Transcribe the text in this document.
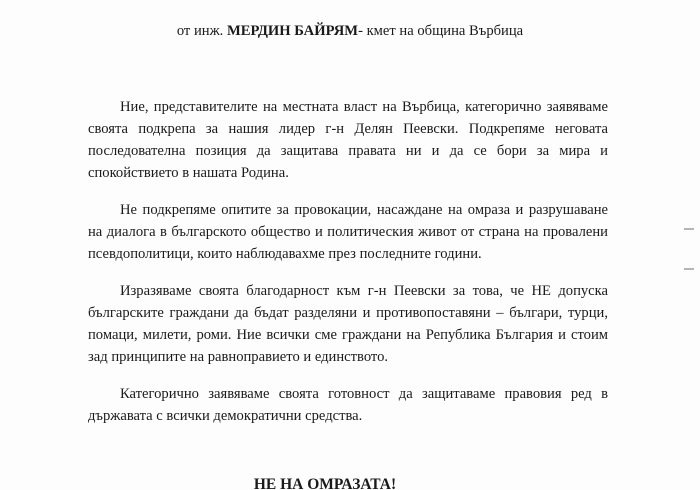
от инж. МЕРДИН БАЙРЯМ- кмет на община Върбица

Ние, представителите на местната власт на Върбица, категорично заявяваме своята подкрепа за нашия лидер г-н Делян Пеевски. Подкрепяме неговата последователна позиция да защитава правата ни и да се бори за мира и спокойствието в нашата Родина.

Не подкрепяме опитите за провокации, насаждане на омраза и разрушаване на диалога в българското общество и политическия живот от страна на провалени псевдополитици, които наблюдавахме през последните години.

Изразяваме своята благодарност към г-н Пеевски за това, че НЕ допуска българските граждани да бъдат разделяни и противопоставяни – българи, турци, помаци, милети, роми. Ние всички сме граждани на Република България и стоим зад принципите на равноправието и единството.

Категорично заявяваме своята готовност да защитаваме правовия ред в държавата с всички демократични средства.

НЕ НА ОМРАЗАТА!
